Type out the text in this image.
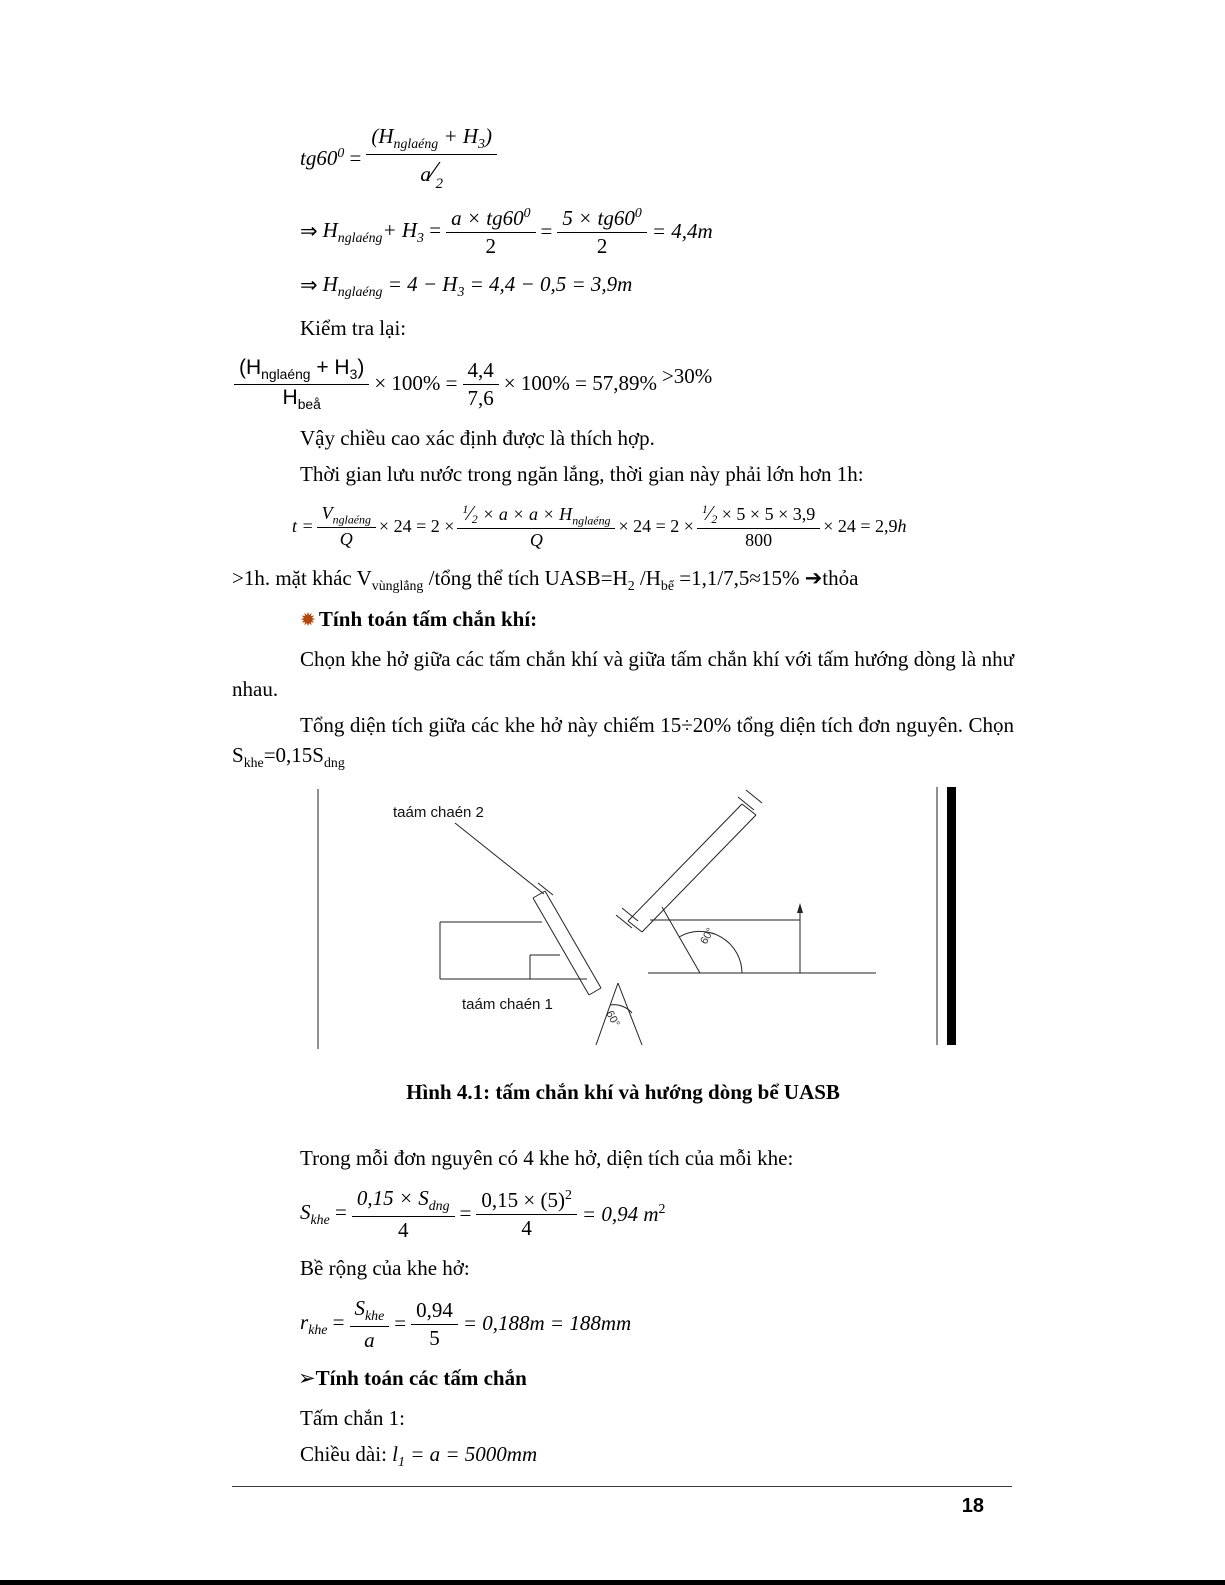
$tg60^0 = \frac{(H_{nglaéng} + H_3)}{a⁄_2}$
⇒ $H_{nglaéng}+ H_3 = \frac{a \times tg60^0}{2} = \frac{5 \times tg60^0}{2} = 4,4m$
⇒ $H_{nglaéng} = 4 - H_3 = 4,4 - 0,5 = 3,9m$

Kiểm tra lại:

$\frac{(H_{nglaéng} + H_3)}{H_{beå}} \times 100\% = \frac{4,4}{7,6} \times 100\% = 57,89\% >30\%$

Vậy chiều cao xác định được là thích hợp.

Thời gian lưu nước trong ngăn lắng, thời gian này phải lớn hơn 1h:

$t = \frac{V_{nglaéng}}{Q} \times 24 = 2 \times \frac{^1⁄2 \times a \times a \times H_{nglaéng}}{Q} \times 24 = 2 \times \frac{^1⁄2 \times 5 \times 5 \times 3,9}{800} \times 24 = 2,9h$

>1h. mặt khác $V_{vùnglắng}$ /tổng thể tích $UASB=H_2$ $/H_{bể} =1,1/7,5\approx 15\%$ ➔thỏa

✹ Tính toán tấm chắn khí:

Chọn khe hở giữa các tấm chắn khí và giữa tấm chắn khí với tấm hướng dòng là như nhau.

Tổng diện tích giữa các khe hở này chiếm 15÷20% tổng diện tích đơn nguyên. Chọn $S_{khe}=0,15S_{dng}$

taám chaén 2
60°
taám chaén 1
60°

Hình 4.1: tấm chắn khí và hướng dòng bể UASB

Trong mỗi đơn nguyên có 4 khe hở, diện tích của mỗi khe:

$S_{khe} = \frac{0,15 \times S_{dng}}{4} = \frac{0,15 \times (5)^2}{4} = 0,94$ $m^2$

Bề rộng của khe hở:

$r_{khe} = \frac{S_{khe}}{a} = \frac{0,94}{5} = 0,188m = 188mm$

➢Tính toán các tấm chắn

Tấm chắn 1:

Chiều dài: $l_1 = a = 5000mm$

18
